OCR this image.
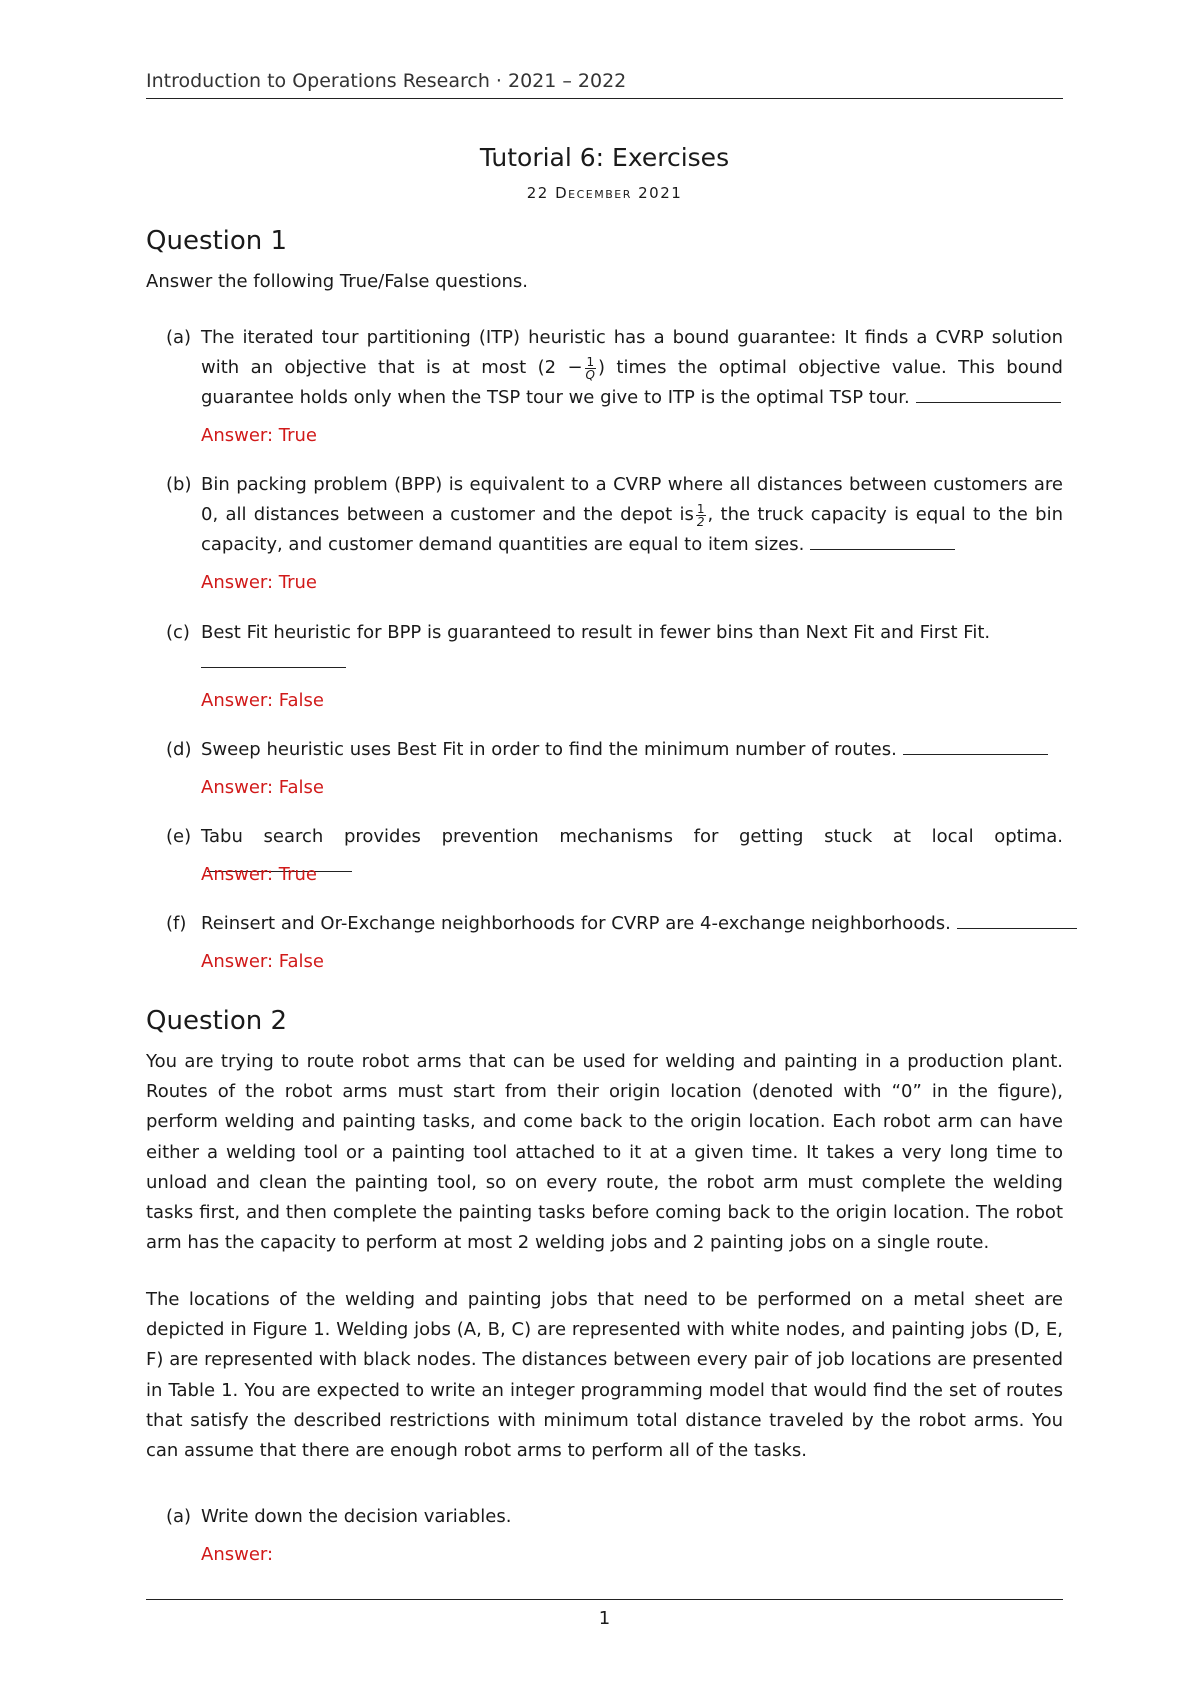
Introduction to Operations Research · 2021 – 2022
Tutorial 6: Exercises
22 December 2021
Question 1
Answer the following True/False questions.
(a) The iterated tour partitioning (ITP) heuristic has a bound guarantee: It finds a CVRP solution with an objective that is at most ($2 - \frac{1}{Q}$ ) times the optimal objective value. This bound guarantee holds only when the TSP tour we give to ITP is the optimal TSP tour.
Answer: True
(b) Bin packing problem (BPP) is equivalent to a CVRP where all distances between customers are 0, all distances between a customer and the depot is $\frac{1}{2}$ , the truck capacity is equal to the bin capacity, and customer demand quantities are equal to item sizes.
Answer: True
(c) Best Fit heuristic for BPP is guaranteed to result in fewer bins than Next Fit and First Fit.

Answer: False
(d) Sweep heuristic uses Best Fit in order to find the minimum number of routes.
Answer: False
(e) Tabu search provides prevention mechanisms for getting stuck at local optima.
Answer: True
(f) Reinsert and Or-Exchange neighborhoods for CVRP are 4-exchange neighborhoods.
Answer: False
Question 2
You are trying to route robot arms that can be used for welding and painting in a production plant. Routes of the robot arms must start from their origin location (denoted with “0” in the figure), perform welding and painting tasks, and come back to the origin location. Each robot arm can have either a welding tool or a painting tool attached to it at a given time. It takes a very long time to unload and clean the painting tool, so on every route, the robot arm must complete the welding tasks first, and then complete the painting tasks before coming back to the origin location. The robot arm has the capacity to perform at most 2 welding jobs and 2 painting jobs on a single route.
The locations of the welding and painting jobs that need to be performed on a metal sheet are depicted in Figure 1. Welding jobs (A, B, C) are represented with white nodes, and painting jobs (D, E, F) are represented with black nodes. The distances between every pair of job locations are presented in Table 1. You are expected to write an integer programming model that would find the set of routes that satisfy the described restrictions with minimum total distance traveled by the robot arms. You can assume that there are enough robot arms to perform all of the tasks.
(a) Write down the decision variables.
Answer:
1
